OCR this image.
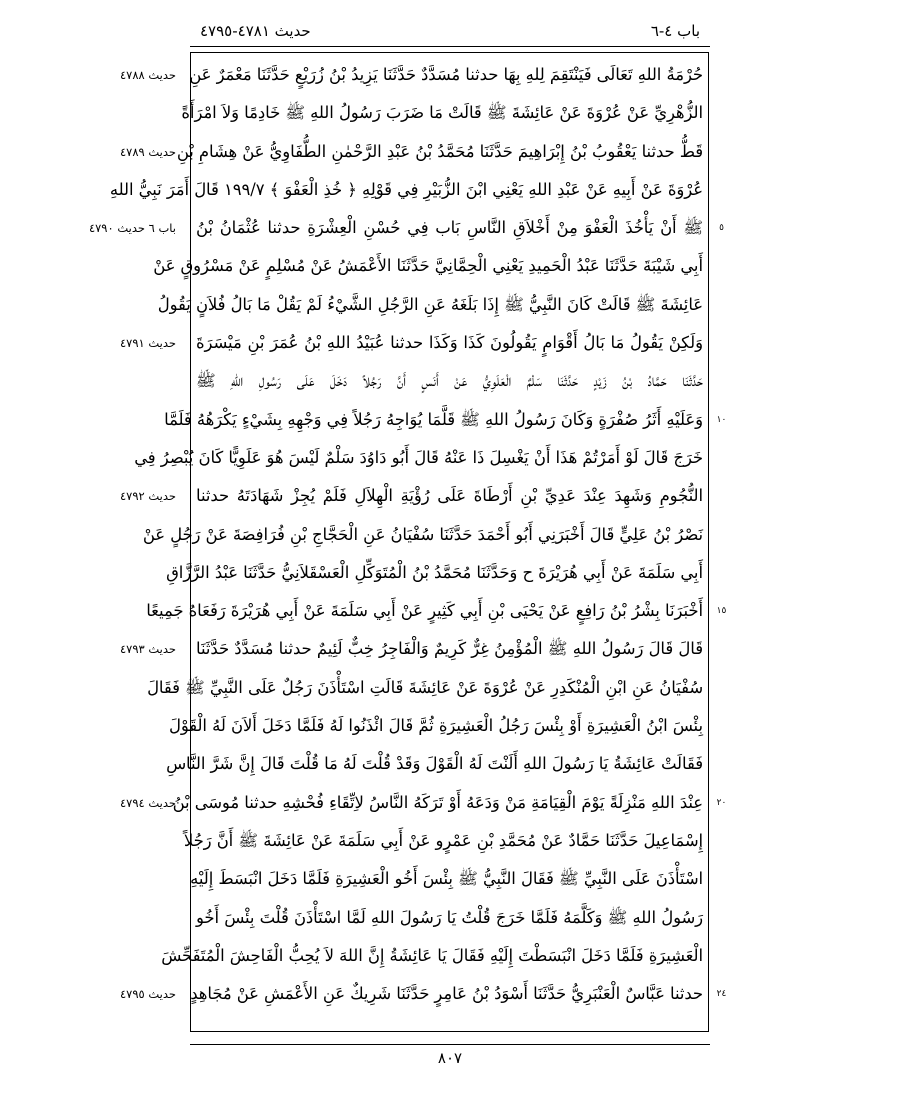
حديث ٤٧٨١-٤٧٩٥	باب ٤-٦
حُرْمَةُ اللهِ تَعَالَى فَيَنْتَقِمَ لِلهِ بِهَا حدثنا مُسَدَّدٌ حَدَّثَنَا يَزِيدُ بْنُ زُرَيْعٍ حَدَّثَنَا مَعْمَرٌ عَنِ
الزُّهْرِيِّ عَنْ عُرْوَةَ عَنْ عَائِشَةَ ﷺ قَالَتْ مَا ضَرَبَ رَسُولُ اللهِ ﷺ خَادِمًا وَلاَ امْرَأَةً
قَطُّ حدثنا يَعْقُوبُ بْنُ إِبْرَاهِيمَ حَدَّثَنَا مُحَمَّدُ بْنُ عَبْدِ الرَّحْمٰنِ الطُّفَاوِيُّ عَنْ هِشَامِ بْنِ
عُرْوَةَ عَنْ أَبِيهِ عَنْ عَبْدِ اللهِ يَعْنِي ابْنَ الزُّبَيْرِ فِي قَوْلِهِ ﴿ خُذِ الْعَفْوَ ﴾ ۱۹۹/۷ قَالَ أَمَرَ نَبِيُّ اللهِ
ﷺ أَنْ يَأْخُذَ الْعَفْوَ مِنْ أَخْلاَقِ النَّاسِ بَاب فِي حُسْنِ الْعِشْرَةِ حدثنا عُثْمَانُ بْنُ
أَبِي شَيْبَةَ حَدَّثَنَا عَبْدُ الْحَمِيدِ يَعْنِي الْحِمَّانِيَّ حَدَّثَنَا الأَعْمَشُ عَنْ مُسْلِمٍ عَنْ مَسْرُوقٍ عَنْ
عَائِشَةَ ﷺ قَالَتْ كَانَ النَّبِيُّ ﷺ إِذَا بَلَغَهُ عَنِ الرَّجُلِ الشَّيْءُ لَمْ يَقُلْ مَا بَالُ فُلاَنٍ يَقُولُ
وَلَكِنْ يَقُولُ مَا بَالُ أَقْوَامٍ يَقُولُونَ كَذَا وَكَذَا حدثنا عُبَيْدُ اللهِ بْنُ عُمَرَ بْنِ مَيْسَرَةَ
حَدَّثَنَا حَمَّادُ بْنُ زَيْدٍ حَدَّثَنَا سَلْمٌ الْعَلَوِيُّ عَنْ أَنَسٍ أَنَّ رَجُلاً دَخَلَ عَلَى رَسُولِ اللهِ ﷺ
وَعَلَيْهِ أَثَرُ صُفْرَةٍ وَكَانَ رَسُولُ اللهِ ﷺ قَلَّمَا يُوَاجِهُ رَجُلاً فِي وَجْهِهِ بِشَيْءٍ يَكْرَهُهُ فَلَمَّا
خَرَجَ قَالَ لَوْ أَمَرْتُمْ هَذَا أَنْ يَغْسِلَ ذَا عَنْهُ قَالَ أَبُو دَاوُدَ سَلْمٌ لَيْسَ هُوَ عَلَوِيًّا كَانَ يُبْصِرُ فِي
النُّجُومِ وَشَهِدَ عِنْدَ عَدِيِّ بْنِ أَرْطَاةَ عَلَى رُؤْيَةِ الْهِلاَلِ فَلَمْ يُجِزْ شَهَادَتَهُ حدثنا
نَصْرُ بْنُ عَلِيٍّ قَالَ أَخْبَرَنِي أَبُو أَحْمَدَ حَدَّثَنَا سُفْيَانُ عَنِ الْحَجَّاجِ بْنِ فُرَافِصَةَ عَنْ رَجُلٍ عَنْ
أَبِي سَلَمَةَ عَنْ أَبِي هُرَيْرَةَ ح وَحَدَّثَنَا مُحَمَّدُ بْنُ الْمُتَوَكِّلِ الْعَسْقَلاَنِيُّ حَدَّثَنَا عَبْدُ الرَّزَّاقِ
أَخْبَرَنَا بِشْرُ بْنُ رَافِعٍ عَنْ يَحْيَى بْنِ أَبِي كَثِيرٍ عَنْ أَبِي سَلَمَةَ عَنْ أَبِي هُرَيْرَةَ رَفَعَاهُ جَمِيعًا
قَالَ قَالَ رَسُولُ اللهِ ﷺ الْمُؤْمِنُ غِرٌّ كَرِيمٌ وَالْفَاجِرُ خِبٌّ لَئِيمٌ حدثنا مُسَدَّدٌ حَدَّثَنَا
سُفْيَانُ عَنِ ابْنِ الْمُنْكَدِرِ عَنْ عُرْوَةَ عَنْ عَائِشَةَ قَالَتِ اسْتَأْذَنَ رَجُلٌ عَلَى النَّبِيِّ ﷺ فَقَالَ
بِئْسَ ابْنُ الْعَشِيرَةِ أَوْ بِئْسَ رَجُلُ الْعَشِيرَةِ ثُمَّ قَالَ ائْذَنُوا لَهُ فَلَمَّا دَخَلَ أَلاَنَ لَهُ الْقَوْلَ
فَقَالَتْ عَائِشَةُ يَا رَسُولَ اللهِ أَلَنْتَ لَهُ الْقَوْلَ وَقَدْ قُلْتَ لَهُ مَا قُلْتَ قَالَ إِنَّ شَرَّ النَّاسِ
عِنْدَ اللهِ مَنْزِلَةً يَوْمَ الْقِيَامَةِ مَنْ وَدَعَهُ أَوْ تَرَكَهُ النَّاسُ لاِتِّقَاءِ فُحْشِهِ حدثنا مُوسَى بْنُ
إِسْمَاعِيلَ حَدَّثَنَا حَمَّادٌ عَنْ مُحَمَّدِ بْنِ عَمْرٍو عَنْ أَبِي سَلَمَةَ عَنْ عَائِشَةَ ﷺ أَنَّ رَجُلاً
اسْتَأْذَنَ عَلَى النَّبِيِّ ﷺ فَقَالَ النَّبِيُّ ﷺ بِئْسَ أَخُو الْعَشِيرَةِ فَلَمَّا دَخَلَ انْبَسَطَ إِلَيْهِ
رَسُولُ اللهِ ﷺ وَكَلَّمَهُ فَلَمَّا خَرَجَ قُلْتُ يَا رَسُولَ اللهِ لَمَّا اسْتَأْذَنَ قُلْتَ بِئْسَ أَخُو
الْعَشِيرَةِ فَلَمَّا دَخَلَ انْبَسَطْتَ إِلَيْهِ فَقَالَ يَا عَائِشَةُ إِنَّ اللهَ لاَ يُحِبُّ الْفَاحِشَ الْمُتَفَحِّشَ
حدثنا عَبَّاسٌ الْعَنْبَرِيُّ حَدَّثَنَا أَسْوَدُ بْنُ عَامِرٍ حَدَّثَنَا شَرِيكٌ عَنِ الأَعْمَشِ عَنْ مُجَاهِدٍ
حديث ٤٧٨٨
حديث ٤٧٨٩
باب ٦ حديث ٤٧٩٠
حديث ٤٧٩١
حديث ٤٧٩٢
حديث ٤٧٩٣
حديث ٤٧٩٤
حديث ٤٧٩٥
٥
١٠
١٥
٢٠
٢٤
٨٠٧
